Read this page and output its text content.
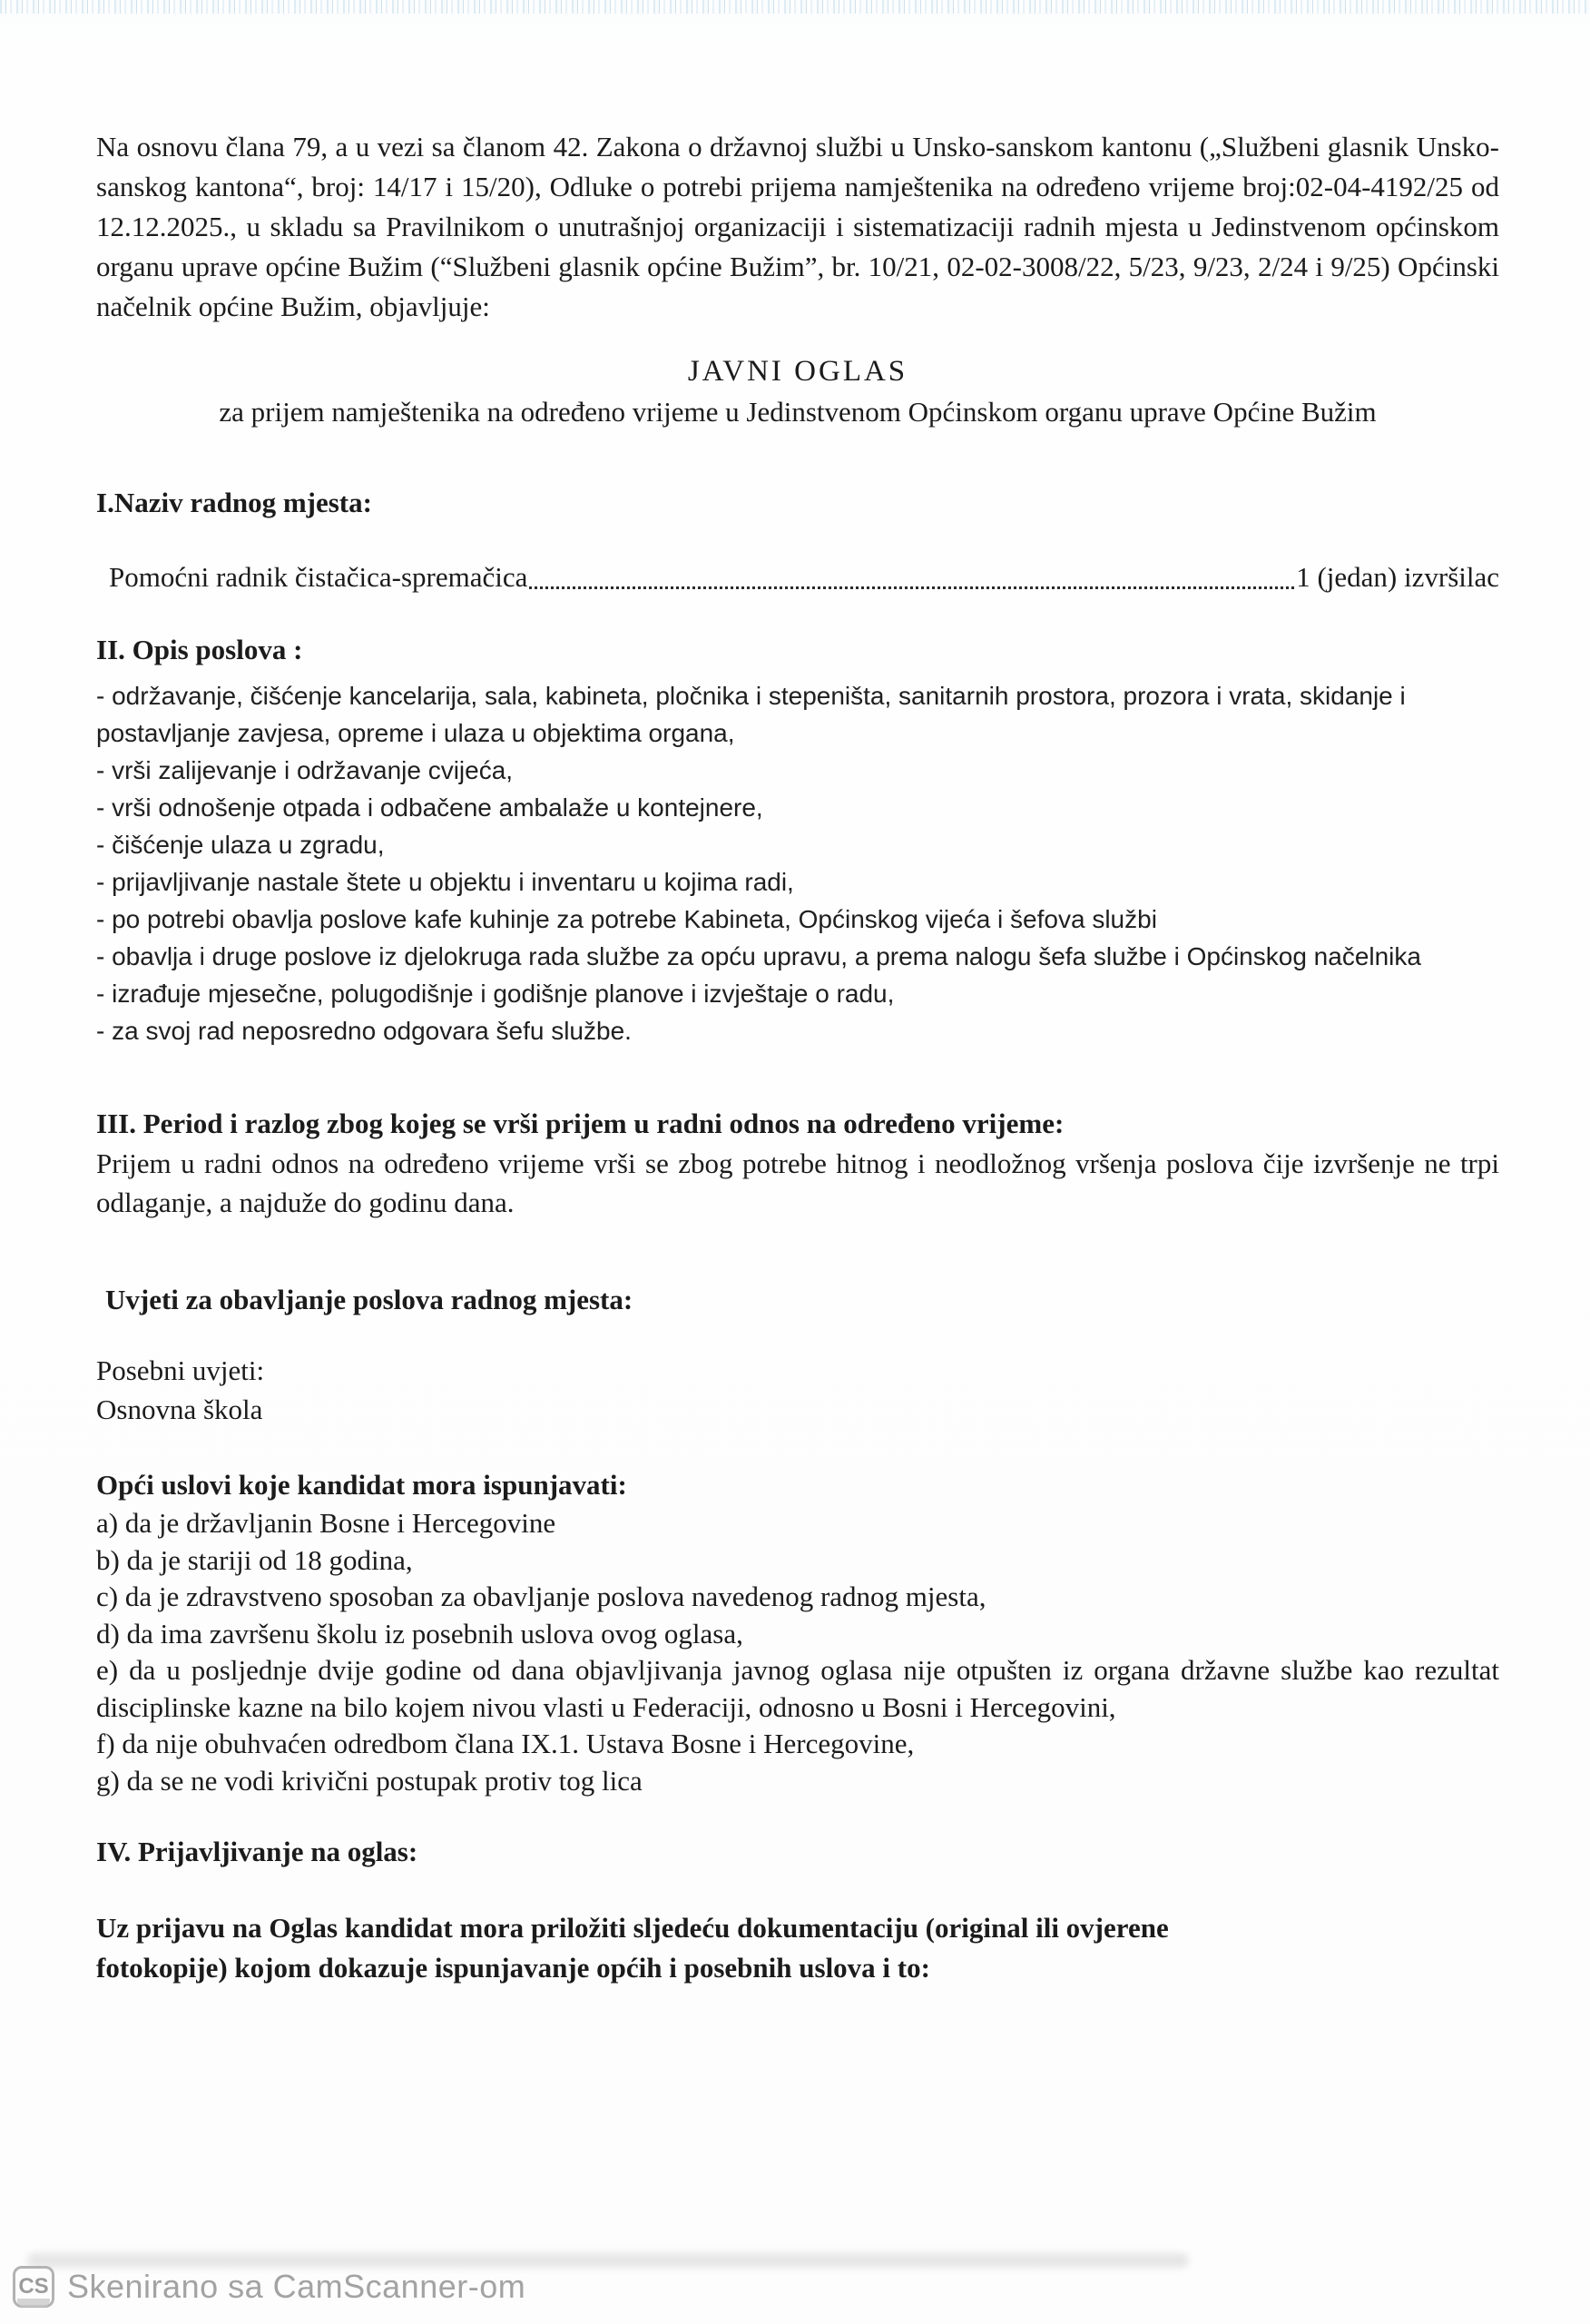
Na osnovu člana 79, a u vezi sa članom 42. Zakona o državnoj službi u Unsko-sanskom kantonu („Službeni glasnik Unsko-sanskog kantona“, broj: 14/17 i 15/20), Odluke o potrebi prijema namještenika na određeno vrijeme broj:02-04-4192/25 od 12.12.2025., u skladu sa Pravilnikom o unutrašnjoj organizaciji i sistematizaciji radnih mjesta u Jedinstvenom općinskom organu uprave općine Bužim (“Službeni glasnik općine Bužim”, br. 10/21, 02-02-3008/22, 5/23, 9/23, 2/24 i 9/25) Općinski načelnik općine Bužim, objavljuje:

JAVNI OGLAS

za prijem namještenika na određeno vrijeme u Jedinstvenom Općinskom organu uprave Općine Bužim

I.Naziv radnog mjesta:
Pomoćni radnik čistačica-spremačica	1 (jedan) izvršilac
II. Opis poslova :

- održavanje, čišćenje kancelarija, sala, kabineta, pločnika i stepeništa, sanitarnih prostora, prozora i vrata, skidanje i postavljanje zavjesa, opreme i ulaza u objektima organa,

- vrši zalijevanje i održavanje cvijeća,

- vrši odnošenje otpada i odbačene ambalaže u kontejnere,

- čišćenje ulaza u zgradu,

- prijavljivanje nastale štete u objektu i inventaru u kojima radi,

- po potrebi obavlja poslove kafe kuhinje za potrebe Kabineta, Općinskog vijeća i šefova službi

- obavlja i druge poslove iz djelokruga rada službe za opću upravu, a prema nalogu šefa službe i Općinskog načelnika

- izrađuje mjesečne, polugodišnje i godišnje planove i izvještaje o radu,

- za svoj rad neposredno odgovara šefu službe.

III. Period i razlog zbog kojeg se vrši prijem u radni odnos na određeno vrijeme:

Prijem u radni odnos na određeno vrijeme vrši se zbog potrebe hitnog i neodložnog vršenja poslova čije izvršenje ne trpi odlaganje, a najduže do godinu dana.

Uvjeti za obavljanje poslova radnog mjesta:

Posebni uvjeti:

Osnovna škola

Opći uslovi koje kandidat mora ispunjavati:

a) da je državljanin Bosne i Hercegovine

b) da je stariji od 18 godina,

c) da je zdravstveno sposoban za obavljanje poslova navedenog radnog mjesta,

d) da ima završenu školu iz posebnih uslova ovog oglasa,

e) da u posljednje dvije godine od dana objavljivanja javnog oglasa nije otpušten iz organa državne službe kao rezultat disciplinske kazne na bilo kojem nivou vlasti u Federaciji, odnosno u Bosni i Hercegovini,

f) da nije obuhvaćen odredbom člana IX.1. Ustava Bosne i Hercegovine,

g) da se ne vodi krivični postupak protiv tog lica

IV. Prijavljivanje na oglas:

Uz prijavu na Oglas kandidat mora priložiti sljedeću dokumentaciju (original ili ovjerene fotokopije) kojom dokazuje ispunjavanje općih i posebnih uslova i to:

CS Skenirano sa CamScanner-om
